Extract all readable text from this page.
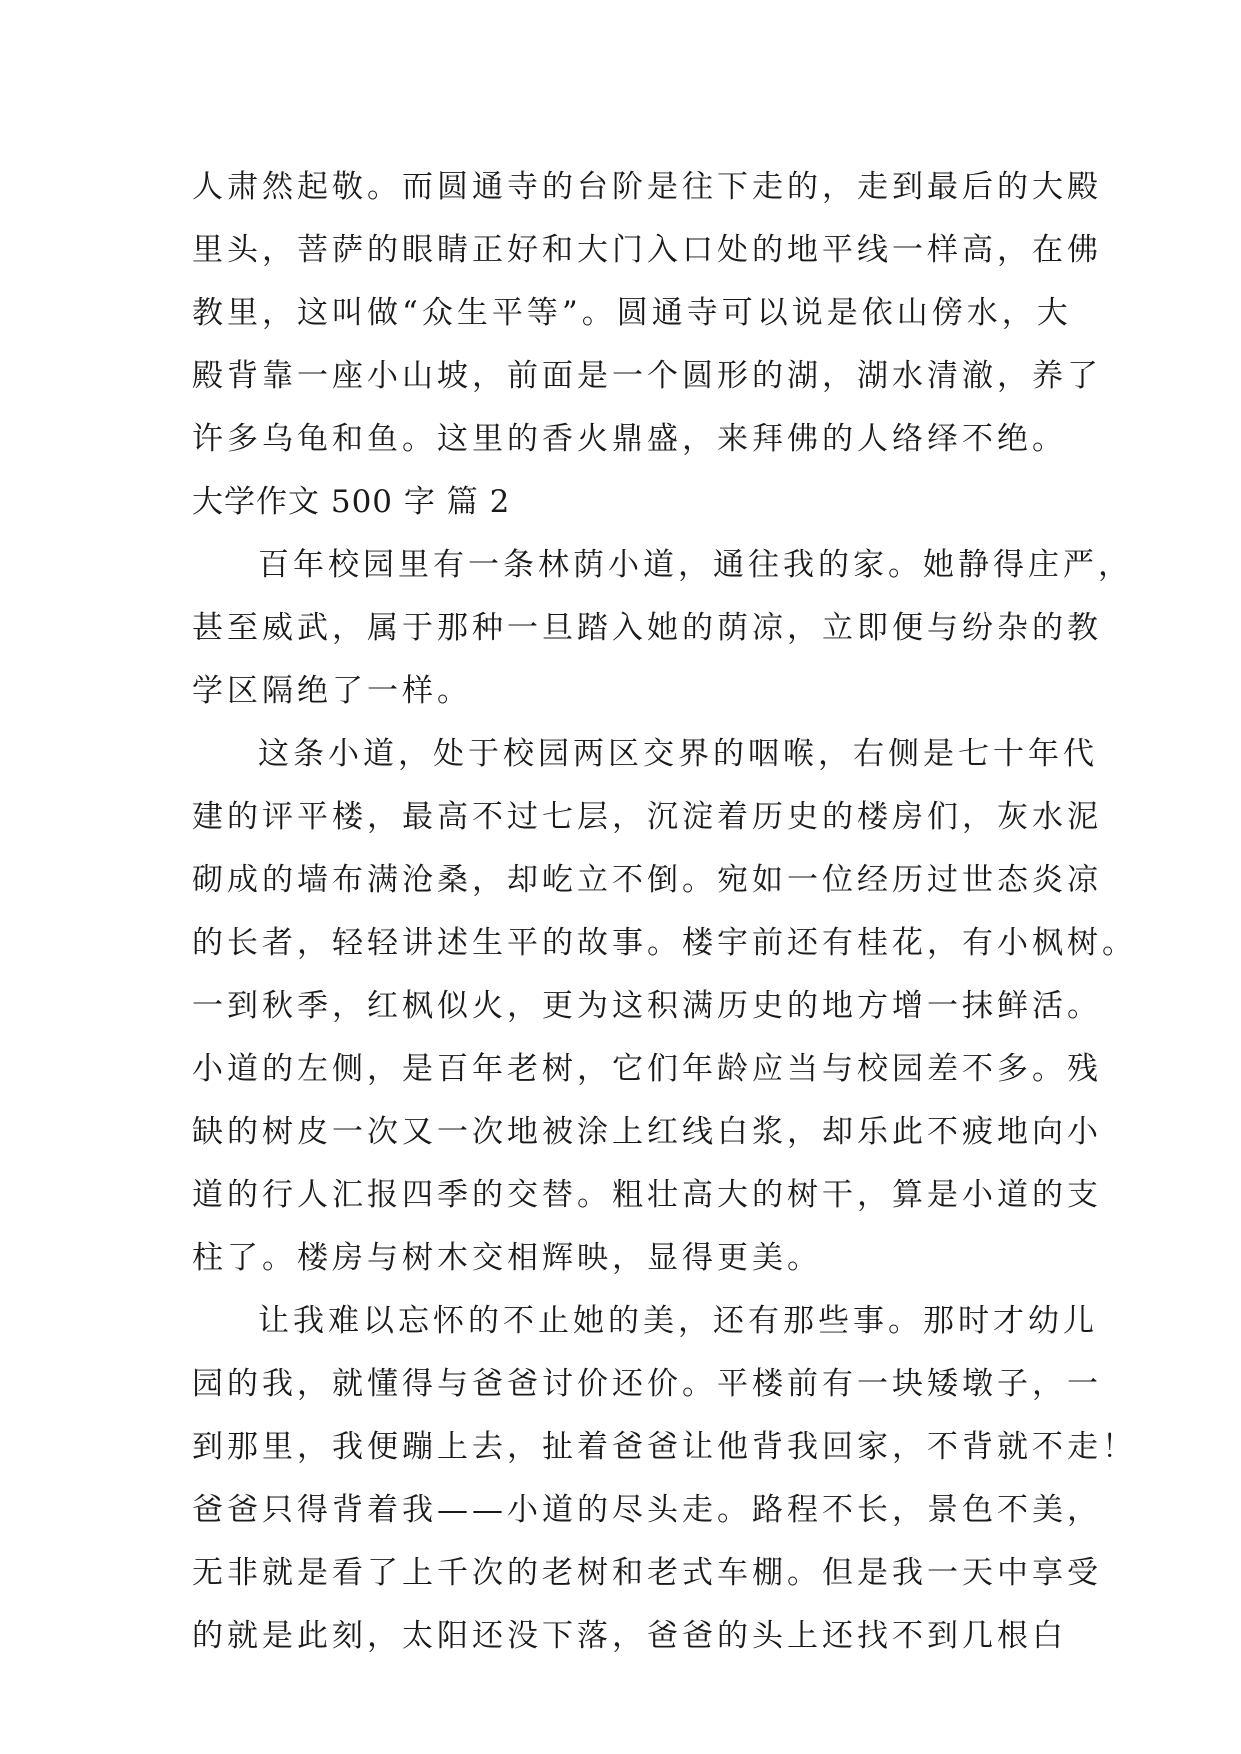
人肃然起敬。而圆通寺的台阶是往下走的，走到最后的大殿
里头，菩萨的眼睛正好和大门入口处的地平线一样高，在佛
教里，这叫做“众生平等”。圆通寺可以说是依山傍水，大
殿背靠一座小山坡，前面是一个圆形的湖，湖水清澈，养了
许多乌龟和鱼。这里的香火鼎盛，来拜佛的人络绎不绝。
大学作文 500 字 篇 2
百年校园里有一条林荫小道，通往我的家。她静得庄严，
甚至威武，属于那种一旦踏入她的荫凉，立即便与纷杂的教
学区隔绝了一样。
这条小道，处于校园两区交界的咽喉，右侧是七十年代
建的评平楼，最高不过七层，沉淀着历史的楼房们，灰水泥
砌成的墙布满沧桑，却屹立不倒。宛如一位经历过世态炎凉
的长者，轻轻讲述生平的故事。楼宇前还有桂花，有小枫树。
一到秋季，红枫似火，更为这积满历史的地方增一抹鲜活。
小道的左侧，是百年老树，它们年龄应当与校园差不多。残
缺的树皮一次又一次地被涂上红线白浆，却乐此不疲地向小
道的行人汇报四季的交替。粗壮高大的树干，算是小道的支
柱了。楼房与树木交相辉映，显得更美。
让我难以忘怀的不止她的美，还有那些事。那时才幼儿
园的我，就懂得与爸爸讨价还价。平楼前有一块矮墩子，一
到那里，我便蹦上去，扯着爸爸让他背我回家，不背就不走！
爸爸只得背着我——小道的尽头走。路程不长，景色不美，
无非就是看了上千次的老树和老式车棚。但是我一天中享受
的就是此刻，太阳还没下落，爸爸的头上还找不到几根白
